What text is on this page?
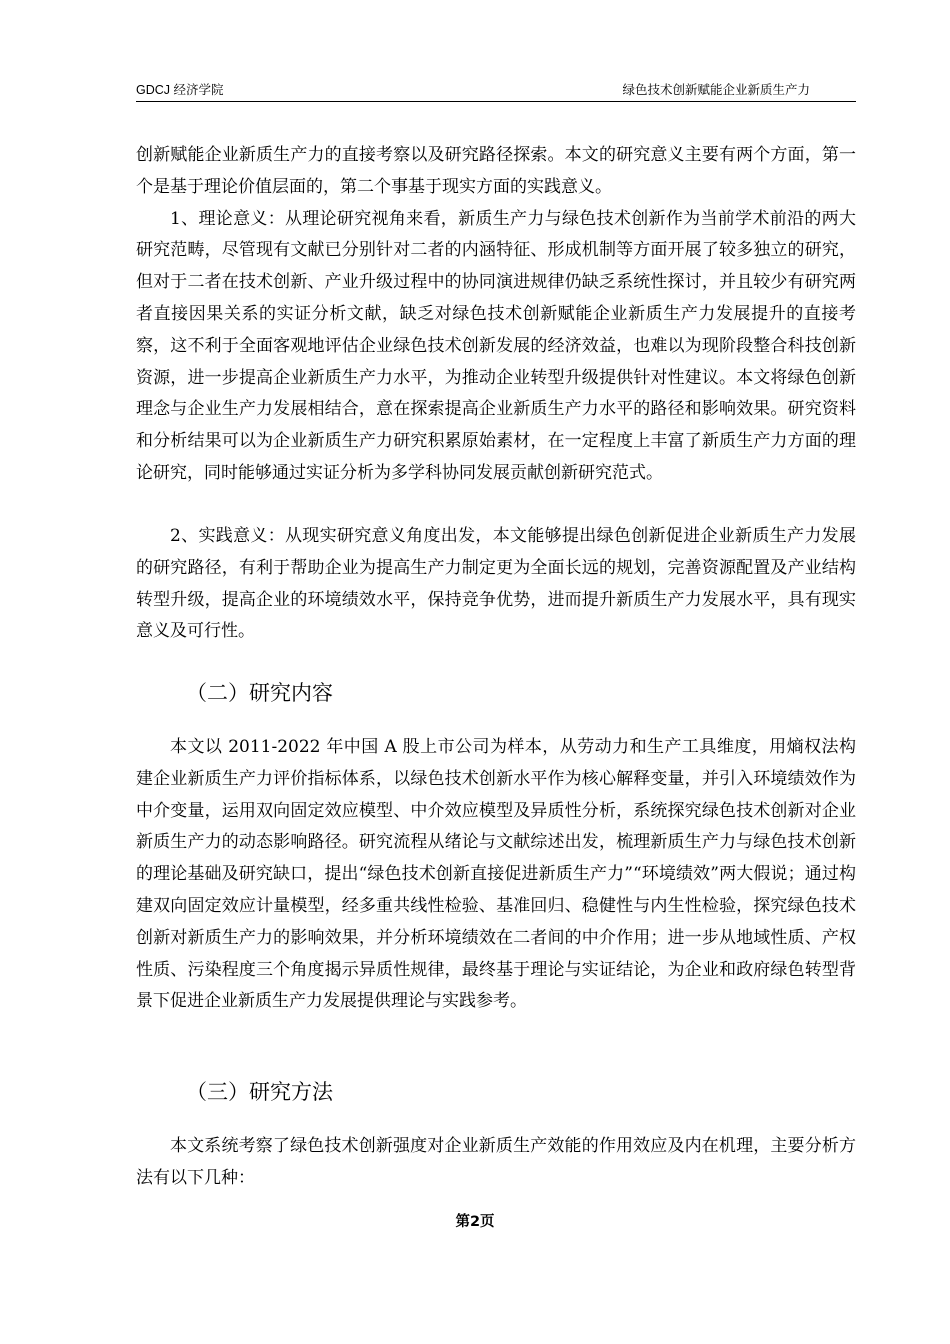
GDCJ 经济学院	绿色技术创新赋能企业新质生产力
创新赋能企业新质生产力的直接考察以及研究路径探索。本文的研究意义主要有两个方面，第一个是基于理论价值层面的，第二个事基于现实方面的实践意义。
1、理论意义：从理论研究视角来看，新质生产力与绿色技术创新作为当前学术前沿的两大研究范畴，尽管现有文献已分别针对二者的内涵特征、形成机制等方面开展了较多独立的研究，但对于二者在技术创新、产业升级过程中的协同演进规律仍缺乏系统性探讨，并且较少有研究两者直接因果关系的实证分析文献，缺乏对绿色技术创新赋能企业新质生产力发展提升的直接考察，这不利于全面客观地评估企业绿色技术创新发展的经济效益，也难以为现阶段整合科技创新资源，进一步提高企业新质生产力水平，为推动企业转型升级提供针对性建议。本文将绿色创新理念与企业生产力发展相结合，意在探索提高企业新质生产力水平的路径和影响效果。研究资料和分析结果可以为企业新质生产力研究积累原始素材，在一定程度上丰富了新质生产力方面的理论研究，同时能够通过实证分析为多学科协同发展贡献创新研究范式。
2、实践意义：从现实研究意义角度出发，本文能够提出绿色创新促进企业新质生产力发展的研究路径，有利于帮助企业为提高生产力制定更为全面长远的规划，完善资源配置及产业结构转型升级，提高企业的环境绩效水平，保持竞争优势，进而提升新质生产力发展水平，具有现实意义及可行性。
（二）研究内容
本文以 2011-2022 年中国 A 股上市公司为样本，从劳动力和生产工具维度，用熵权法构建企业新质生产力评价指标体系，以绿色技术创新水平作为核心解释变量，并引入环境绩效作为中介变量，运用双向固定效应模型、中介效应模型及异质性分析，系统探究绿色技术创新对企业新质生产力的动态影响路径。研究流程从绪论与文献综述出发，梳理新质生产力与绿色技术创新的理论基础及研究缺口，提出“绿色技术创新直接促进新质生产力”“环境绩效”两大假说；通过构建双向固定效应计量模型，经多重共线性检验、基准回归、稳健性与内生性检验，探究绿色技术创新对新质生产力的影响效果，并分析环境绩效在二者间的中介作用；进一步从地域性质、产权性质、污染程度三个角度揭示异质性规律，最终基于理论与实证结论，为企业和政府绿色转型背景下促进企业新质生产力发展提供理论与实践参考。
（三）研究方法
本文系统考察了绿色技术创新强度对企业新质生产效能的作用效应及内在机理，主要分析方法有以下几种：
第2页
